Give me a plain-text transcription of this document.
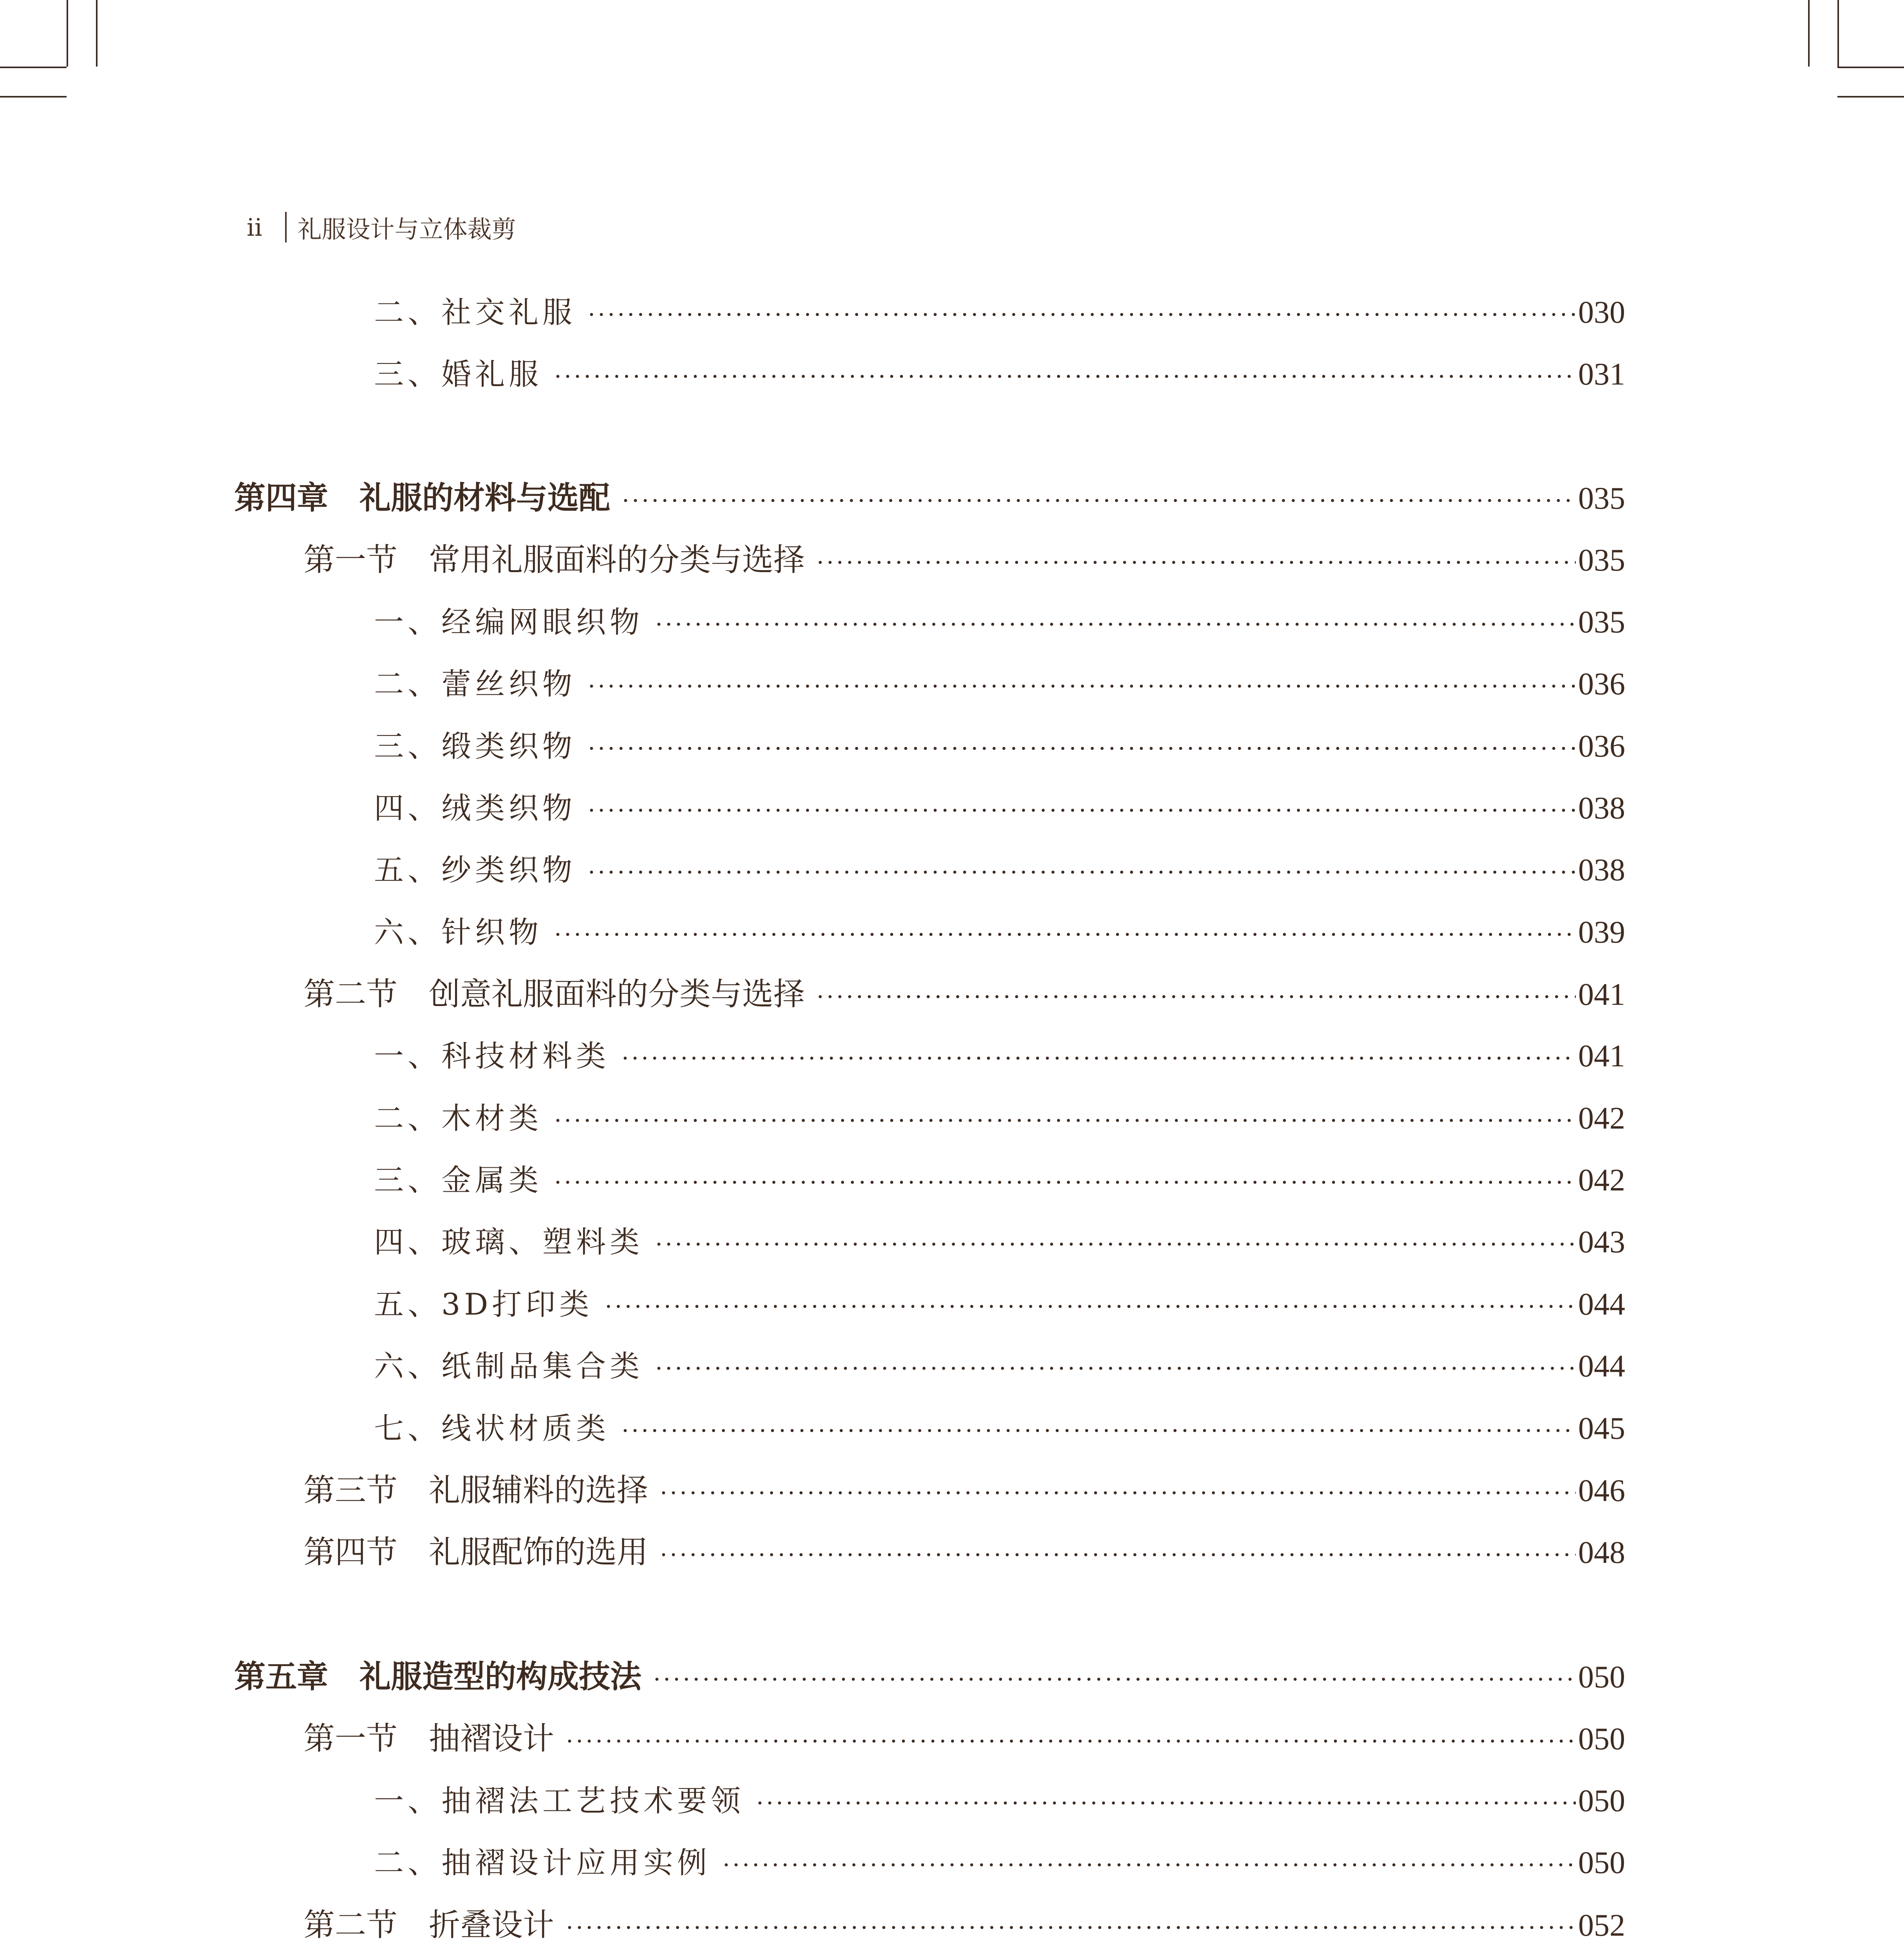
ii 礼服设计与立体裁剪
二、社交礼服 ·····	030
三、婚礼服 ·····	031
第四章　礼服的材料与选配 ·····	035
第一节　常用礼服面料的分类与选择 ·····	035
一、经编网眼织物 ·····	035
二、蕾丝织物 ·····	036
三、缎类织物 ·····	036
四、绒类织物 ·····	038
五、纱类织物 ·····	038
六、针织物 ·····	039
第二节　创意礼服面料的分类与选择 ·····	041
一、科技材料类 ·····	041
二、木材类 ·····	042
三、金属类 ·····	042
四、玻璃、塑料类 ·····	043
五、3D打印类 ·····	044
六、纸制品集合类 ·····	044
七、线状材质类 ·····	045
第三节　礼服辅料的选择 ·····	046
第四节　礼服配饰的选用 ·····	048
第五章　礼服造型的构成技法 ·····	050
第一节　抽褶设计 ·····	050
一、抽褶法工艺技术要领 ·····	050
二、抽褶设计应用实例 ·····	050
第二节　折叠设计 ·····	052
